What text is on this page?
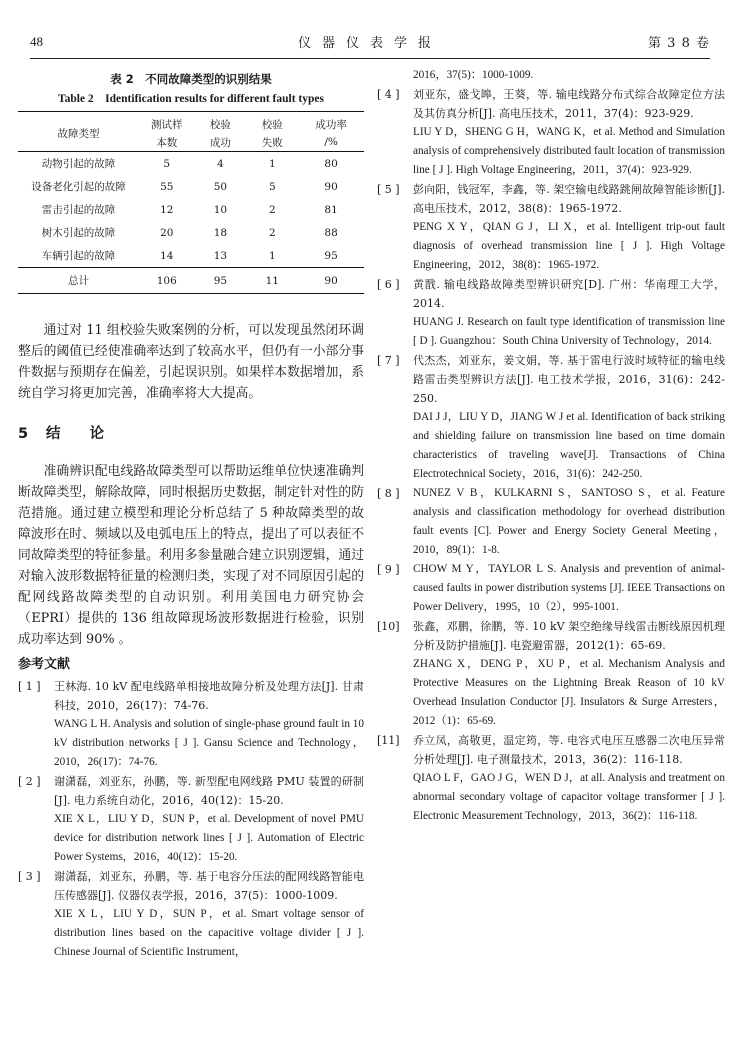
48	仪器仪表学报	第 3 8 卷
表 2　不同故障类型的识别结果
Table 2　Identification results for different fault types
故障类型	测试样	校验	校验	成功率
	本数	成功	失败	/%
动物引起的故障	5	4	1	80
设备老化引起的故障	55	50	5	90
雷击引起的故障	12	10	2	81
树木引起的故障	20	18	2	88
车辆引起的故障	14	13	1	95
总计	106	95	11	90

通过对 11 组校验失败案例的分析，可以发现虽然闭环调整后的阈值已经使准确率达到了较高水平，但仍有一小部分事件数据与预期存在偏差，引起误识别。如果样本数据增加，系统自学习将更加完善，准确率将大大提高。

5 结　　论

准确辨识配电线路故障类型可以帮助运维单位快速准确判断故障类型，解除故障，同时根据历史数据，制定针对性的防范措施。通过建立模型和理论分析总结了 5 种故障类型的故障波形在时、频域以及电弧电压上的特点，提出了可以表征不同故障类型的特征参量。利用多参量融合建立识别逻辑，通过对输入波形数据特征量的检测归类，实现了对不同原因引起的配网线路故障类型的自动识别。利用美国电力研究协会（EPRI）提供的 136 组故障现场波形数据进行检验，识别成功率达到 90% 。

参考文献
[ 1 ] 王林海. 10 kV 配电线路单相接地故障分析及处理方法[J]. 甘肃科技，2010，26(17)：74-76.

WANG L H. Analysis and solution of single-phase ground fault in 10 kV distribution networks [ J ]. Gansu Science and Technology，2010，26(17)：74-76.

[ 2 ] 谢潇磊，刘亚东，孙鹏，等. 新型配电网线路 PMU 装置的研制[J]. 电力系统自动化，2016，40(12)：15-20.

XIE X L，LIU Y D，SUN P，et al. Development of novel PMU device for distribution network lines [ J ]. Automation of Electric Power Systems，2016，40(12)：15-20.

[ 3 ] 谢潇磊，刘亚东，孙鹏，等. 基于电容分压法的配网线路智能电压传感器[J]. 仪器仪表学报，2016，37(5)：1000-1009.

XIE X L，LIU Y D，SUN P，et al. Smart voltage sensor of distribution lines based on the capacitive voltage divider [ J ]. Chinese Journal of Scientific Instrument，

2016，37(5)：1000-1009.

[ 4 ] 刘亚东，盛戈皞，王葵，等. 输电线路分布式综合故障定位方法及其仿真分析[J]. 高电压技术，2011，37(4)：923-929.

LIU Y D，SHENG G H，WANG K，et al. Method and Simulation analysis of comprehensively distributed fault location of transmission line [ J ]. High Voltage Engineering，2011，37(4)：923-929.

[ 5 ] 彭向阳，钱冠军，李鑫，等. 架空输电线路跳闸故障智能诊断[J]. 高电压技术，2012，38(8)：1965-1972.

PENG X Y，QIAN G J，LI X，et al. Intelligent trip-out fault diagnosis of overhead transmission line [ J ]. High Voltage Engineering，2012，38(8)：1965-1972.

[ 6 ] 黄戬. 输电线路故障类型辨识研究[D]. 广州：华南理工大学，2014.

HUANG J. Research on fault type identification of transmission line [ D ]. Guangzhou：South China University of Technology，2014.

[ 7 ] 代杰杰，刘亚东，姜文娟，等. 基于雷电行波时域特征的输电线路雷击类型辨识方法[J]. 电工技术学报，2016，31(6)：242-250.

DAI J J，LIU Y D，JIANG W J et al. Identification of back striking and shielding failure on transmission line based on time domain characteristics of traveling wave[J]. Transactions of China Electrotechnical Society，2016，31(6)：242-250.

[ 8 ] NUNEZ V B，KULKARNI S，SANTOSO S，et al. Feature analysis and classification methodology for overhead distribution fault events [C]. Power and Energy Society General Meeting，2010，89(1)：1-8.

[ 9 ] CHOW M Y，TAYLOR L S. Analysis and prevention of animal-caused faults in power distribution systems [J]. IEEE Transactions on Power Delivery，1995，10（2），995-1001.

[10] 张鑫，邓鹏，徐鹏，等. 10 kV 架空绝缘导线雷击断线原因机理分析及防护措施[J]. 电瓷避雷器，2012(1)：65-69.

ZHANG X，DENG P，XU P，et al. Mechanism Analysis and Protective Measures on the Lightning Break Reason of 10 kV Overhead Insulation Conductor [J]. Insulators & Surge Arresters，2012（1)：65-69.

[11] 乔立凤，高敬更，温定筠，等. 电容式电压互感器二次电压异常分析处理[J]. 电子测量技术，2013，36(2)：116-118.

QIAO L F，GAO J G，WEN D J，at all. Analysis and treatment on abnormal secondary voltage of capacitor voltage transformer [ J ]. Electronic Measurement Technology，2013，36(2)：116-118.
